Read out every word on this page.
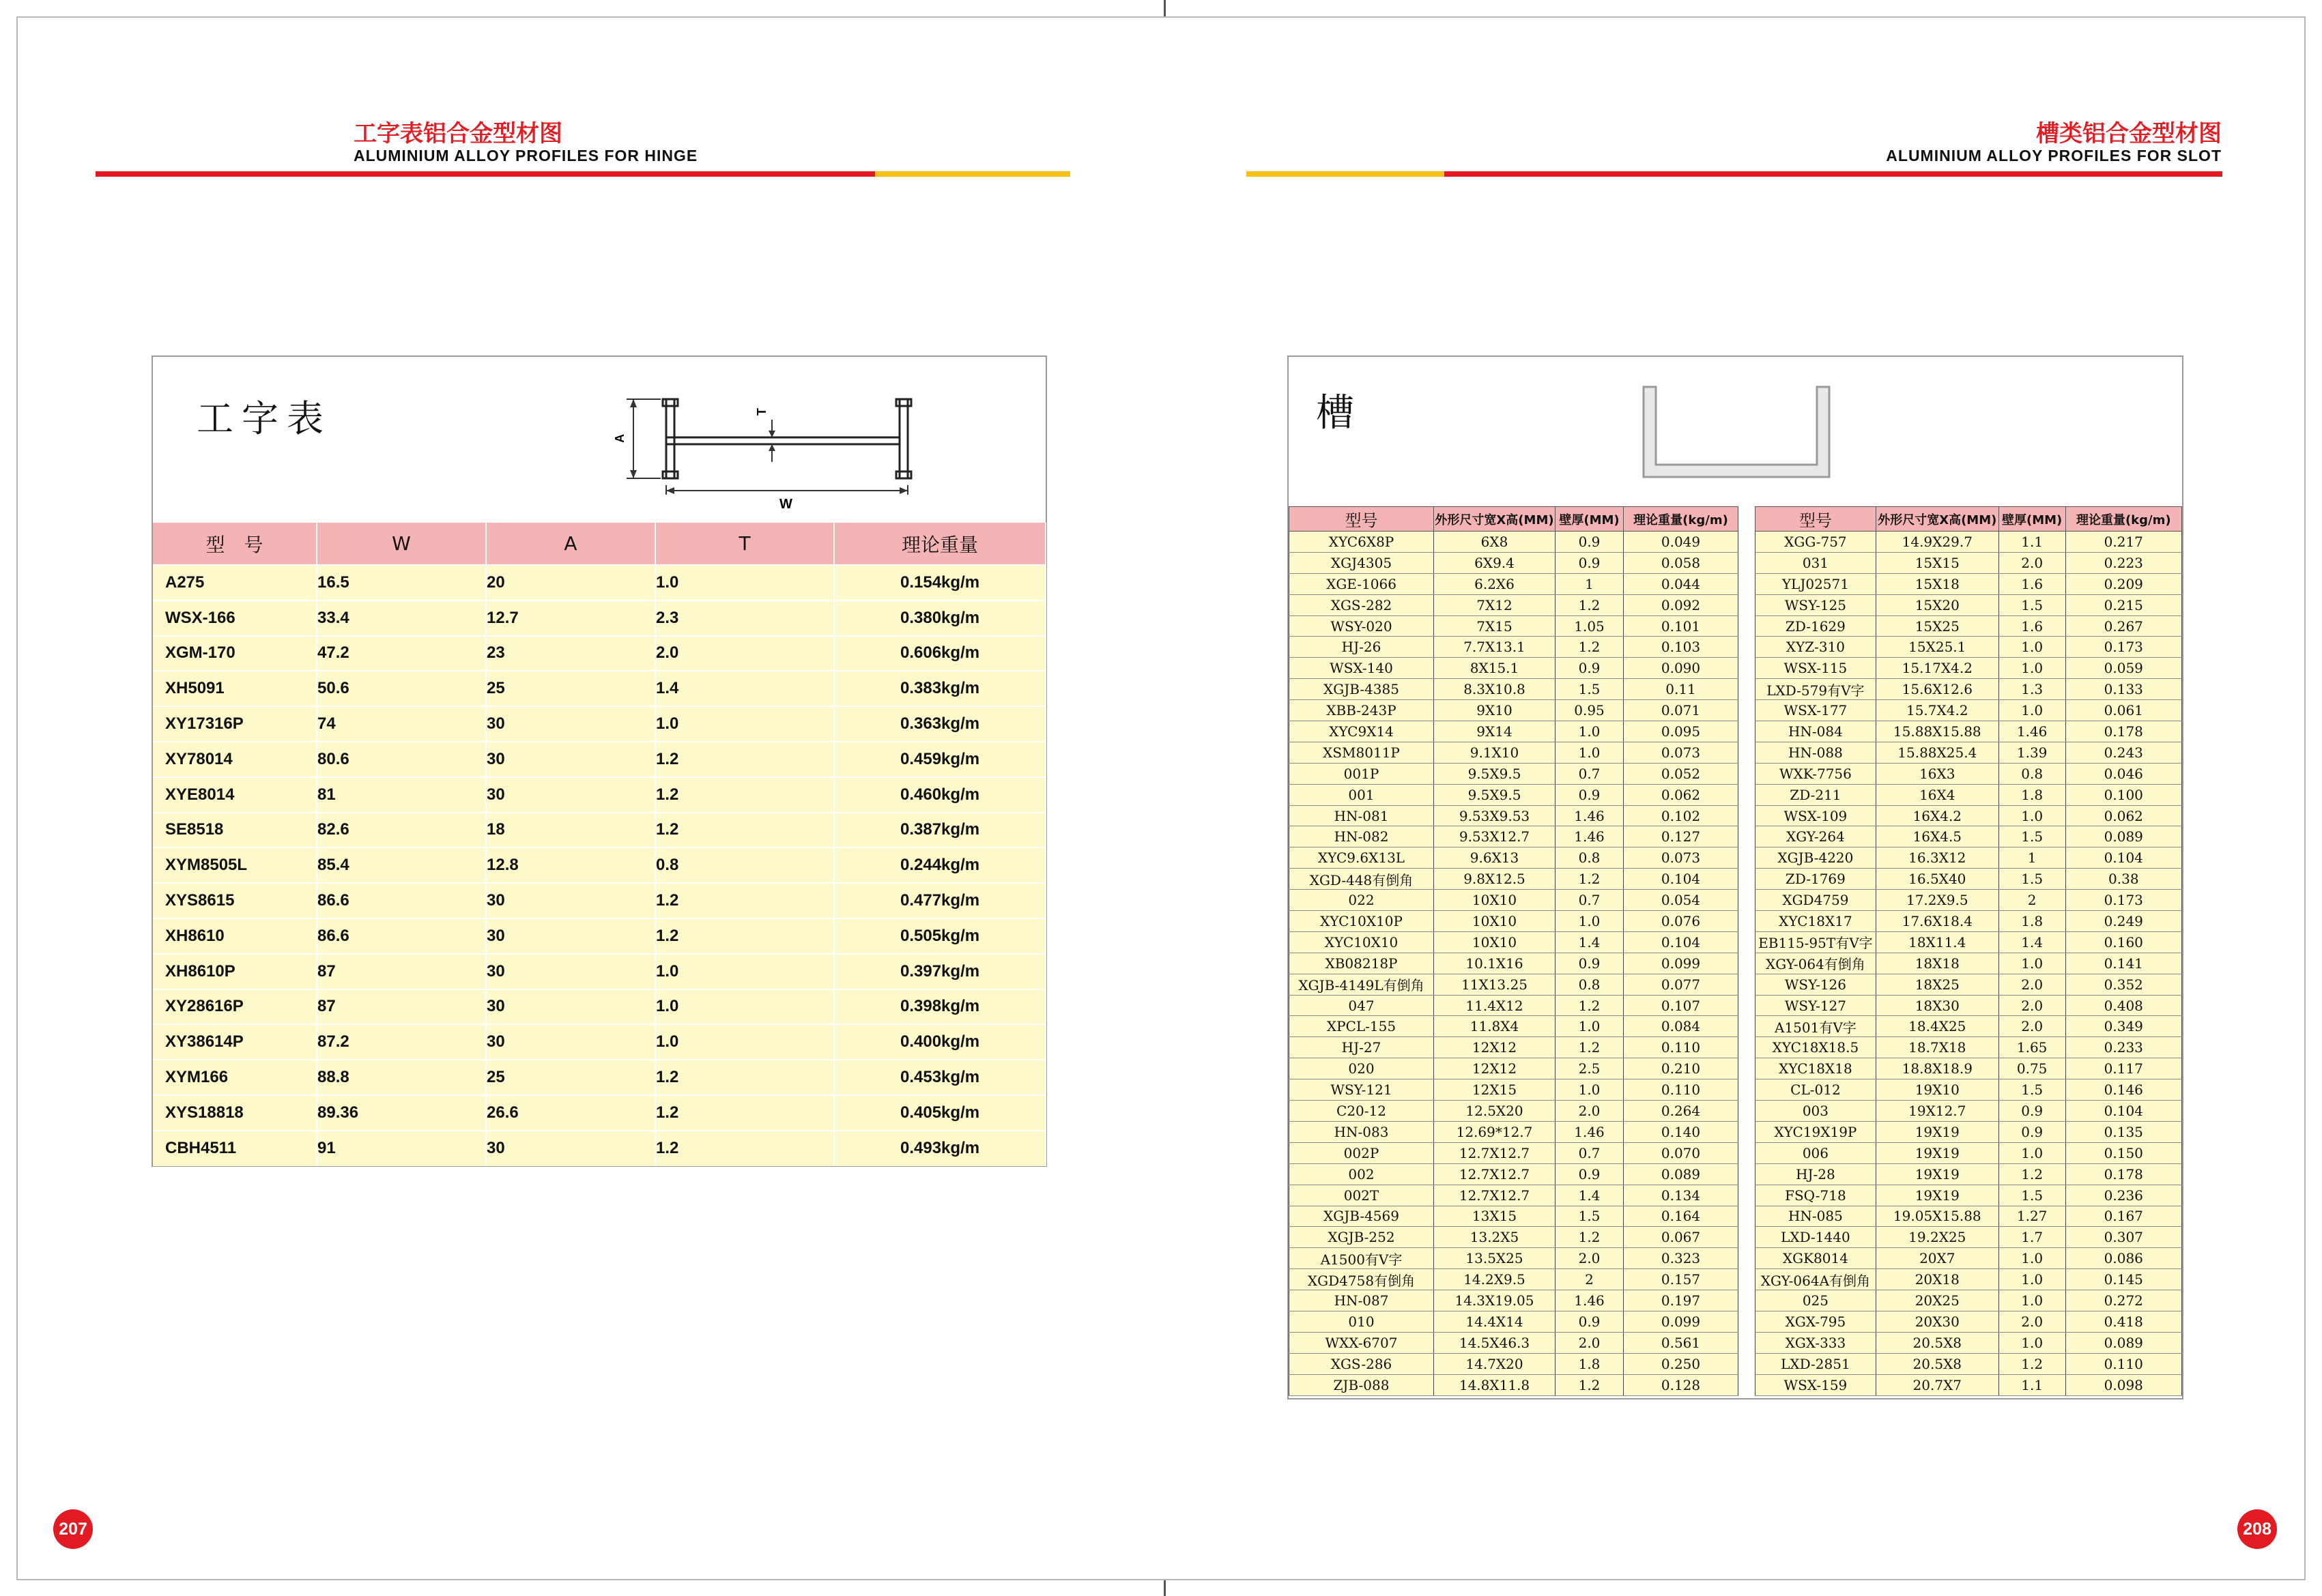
工字表铝合金型材图
ALUMINIUM ALLOY PROFILES FOR HINGE
工字表	A
T
W
型　号	W	A	T	理论重量
A275	16.5	20	1.0	0.154kg/m
WSX-166	33.4	12.7	2.3	0.380kg/m
XGM-170	47.2	23	2.0	0.606kg/m
XH5091	50.6	25	1.4	0.383kg/m
XY17316P	74	30	1.0	0.363kg/m
XY78014	80.6	30	1.2	0.459kg/m
XYE8014	81	30	1.2	0.460kg/m
SE8518	82.6	18	1.2	0.387kg/m
XYM8505L	85.4	12.8	0.8	0.244kg/m
XYS8615	86.6	30	1.2	0.477kg/m
XH8610	86.6	30	1.2	0.505kg/m
XH8610P	87	30	1.0	0.397kg/m
XY28616P	87	30	1.0	0.398kg/m
XY38614P	87.2	30	1.0	0.400kg/m
XYM166	88.8	25	1.2	0.453kg/m
XYS18818	89.36	26.6	1.2	0.405kg/m
CBH4511	91	30	1.2	0.493kg/m
207
槽类铝合金型材图
ALUMINIUM ALLOY PROFILES FOR SLOT
槽
型号	外形尺寸宽X高(MM)	壁厚(MM)	理论重量(kg/m)
XYC6X8P	6X8	0.9	0.049
XGJ4305	6X9.4	0.9	0.058
XGE-1066	6.2X6	1	0.044
XGS-282	7X12	1.2	0.092
WSY-020	7X15	1.05	0.101
HJ-26	7.7X13.1	1.2	0.103
WSX-140	8X15.1	0.9	0.090
XGJB-4385	8.3X10.8	1.5	0.11
XBB-243P	9X10	0.95	0.071
XYC9X14	9X14	1.0	0.095
XSM8011P	9.1X10	1.0	0.073
001P	9.5X9.5	0.7	0.052
001	9.5X9.5	0.9	0.062
HN-081	9.53X9.53	1.46	0.102
HN-082	9.53X12.7	1.46	0.127
XYC9.6X13L	9.6X13	0.8	0.073
XGD-448有倒角	9.8X12.5	1.2	0.104
022	10X10	0.7	0.054
XYC10X10P	10X10	1.0	0.076
XYC10X10	10X10	1.4	0.104
XB08218P	10.1X16	0.9	0.099
XGJB-4149L有倒角	11X13.25	0.8	0.077
047	11.4X12	1.2	0.107
XPCL-155	11.8X4	1.0	0.084
HJ-27	12X12	1.2	0.110
020	12X12	2.5	0.210
WSY-121	12X15	1.0	0.110
C20-12	12.5X20	2.0	0.264
HN-083	12.69*12.7	1.46	0.140
002P	12.7X12.7	0.7	0.070
002	12.7X12.7	0.9	0.089
002T	12.7X12.7	1.4	0.134
XGJB-4569	13X15	1.5	0.164
XGJB-252	13.2X5	1.2	0.067
A1500有V字	13.5X25	2.0	0.323
XGD4758有倒角	14.2X9.5	2	0.157
HN-087	14.3X19.05	1.46	0.197
010	14.4X14	0.9	0.099
WXX-6707	14.5X46.3	2.0	0.561
XGS-286	14.7X20	1.8	0.250
ZJB-088	14.8X11.8	1.2	0.128
型号	外形尺寸宽X高(MM)	壁厚(MM)	理论重量(kg/m)
XGG-757	14.9X29.7	1.1	0.217
031	15X15	2.0	0.223
YLJ02571	15X18	1.6	0.209
WSY-125	15X20	1.5	0.215
ZD-1629	15X25	1.6	0.267
XYZ-310	15X25.1	1.0	0.173
WSX-115	15.17X4.2	1.0	0.059
LXD-579有V字	15.6X12.6	1.3	0.133
WSX-177	15.7X4.2	1.0	0.061
HN-084	15.88X15.88	1.46	0.178
HN-088	15.88X25.4	1.39	0.243
WXK-7756	16X3	0.8	0.046
ZD-211	16X4	1.8	0.100
WSX-109	16X4.2	1.0	0.062
XGY-264	16X4.5	1.5	0.089
XGJB-4220	16.3X12	1	0.104
ZD-1769	16.5X40	1.5	0.38
XGD4759	17.2X9.5	2	0.173
XYC18X17	17.6X18.4	1.8	0.249
EB115-95T有V字	18X11.4	1.4	0.160
XGY-064有倒角	18X18	1.0	0.141
WSY-126	18X25	2.0	0.352
WSY-127	18X30	2.0	0.408
A1501有V字	18.4X25	2.0	0.349
XYC18X18.5	18.7X18	1.65	0.233
XYC18X18	18.8X18.9	0.75	0.117
CL-012	19X10	1.5	0.146
003	19X12.7	0.9	0.104
XYC19X19P	19X19	0.9	0.135
006	19X19	1.0	0.150
HJ-28	19X19	1.2	0.178
FSQ-718	19X19	1.5	0.236
HN-085	19.05X15.88	1.27	0.167
LXD-1440	19.2X25	1.7	0.307
XGK8014	20X7	1.0	0.086
XGY-064A有倒角	20X18	1.0	0.145
025	20X25	1.0	0.272
XGX-795	20X30	2.0	0.418
XGX-333	20.5X8	1.0	0.089
LXD-2851	20.5X8	1.2	0.110
WSX-159	20.7X7	1.1	0.098
208
